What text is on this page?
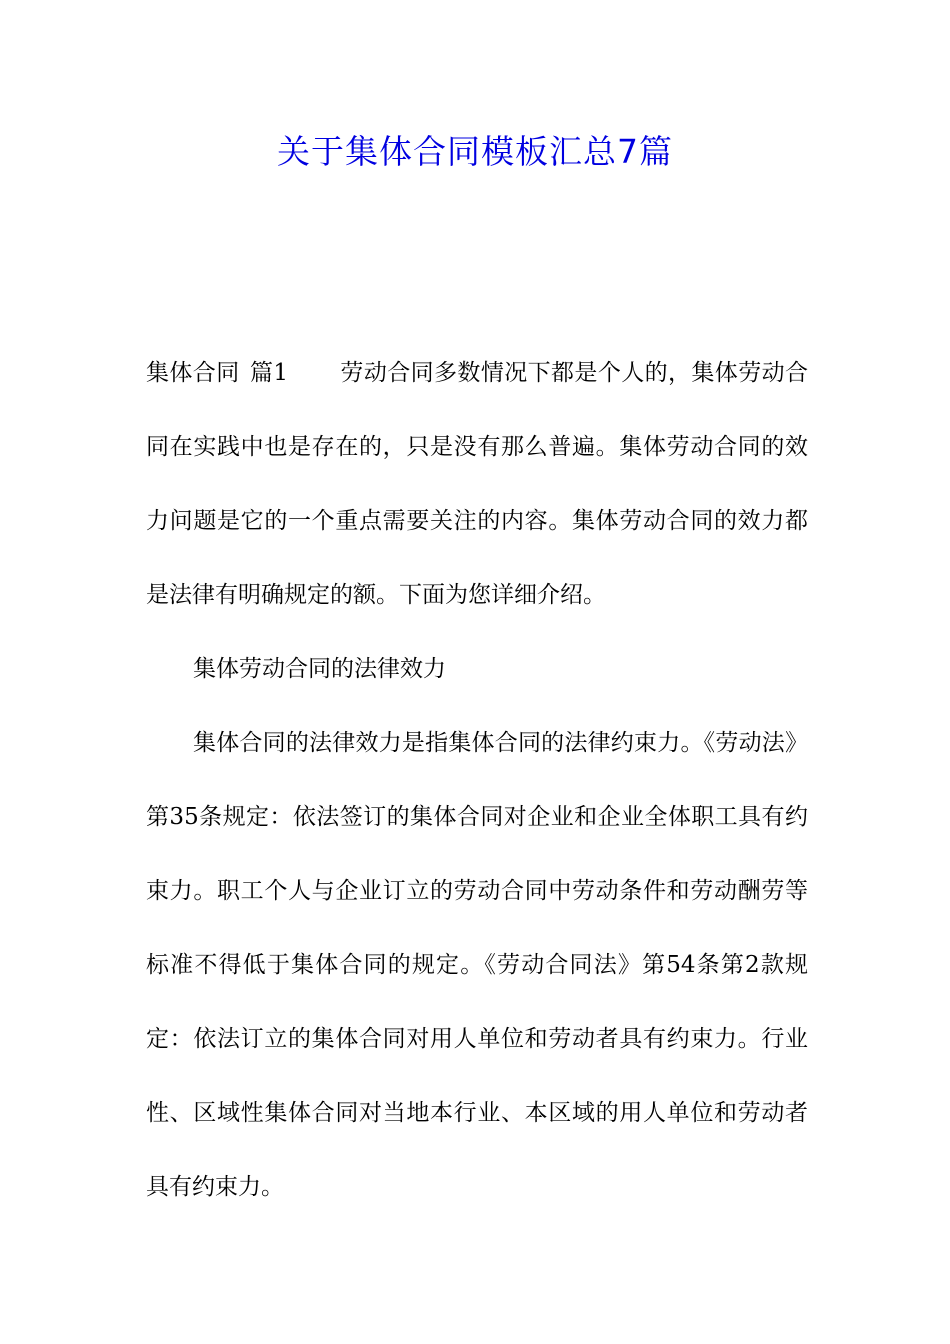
关于集体合同模板汇总7篇

集体合同 篇1 劳动合同多数情况下都是个人的，集体劳动合同在实践中也是存在的，只是没有那么普遍。集体劳动合同的效力问题是它的一个重点需要关注的内容。集体劳动合同的效力都是法律有明确规定的额。下面为您详细介绍。

集体劳动合同的法律效力

集体合同的法律效力是指集体合同的法律约束力。《劳动法》第35条规定：依法签订的集体合同对企业和企业全体职工具有约束力。职工个人与企业订立的劳动合同中劳动条件和劳动酬劳等标准不得低于集体合同的规定。《劳动合同法》第54条第2款规定：依法订立的集体合同对用人单位和劳动者具有约束力。行业性、区域性集体合同对当地本行业、本区域的用人单位和劳动者具有约束力。
